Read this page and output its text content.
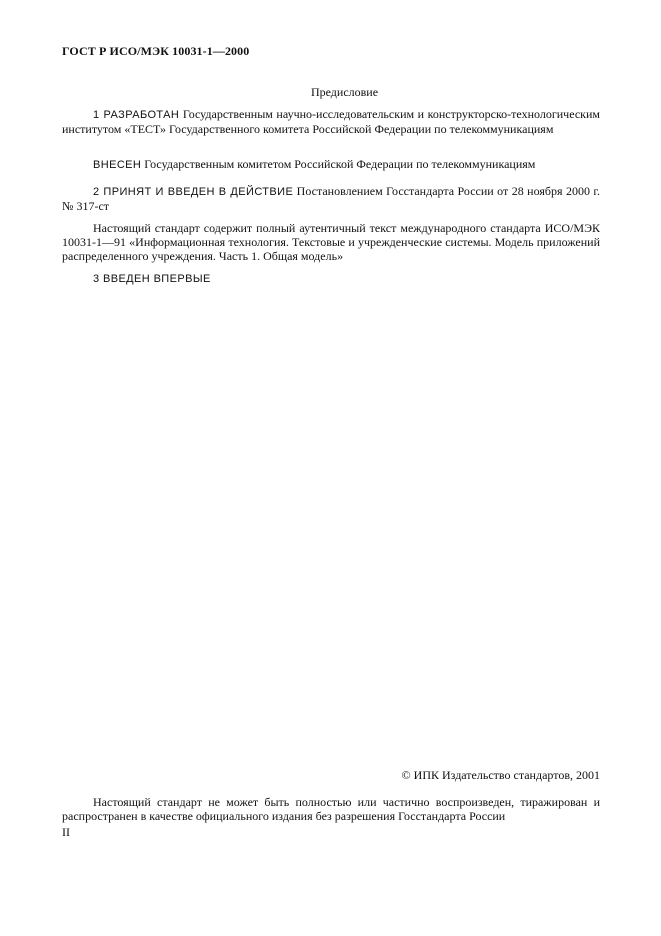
ГОСТ Р ИСО/МЭК 10031-1—2000
Предисловие
1 РАЗРАБОТАН Государственным научно-исследовательским и конструкторско-технологическим институтом «ТЕСТ» Государственного комитета Российской Федерации по телекоммуникациям
ВНЕСЕН Государственным комитетом Российской Федерации по телекоммуникациям
2 ПРИНЯТ И ВВЕДЕН В ДЕЙСТВИЕ Постановлением Госстандарта России от 28 ноября 2000 г. № 317-ст
Настоящий стандарт содержит полный аутентичный текст международного стандарта ИСО/МЭК 10031-1—91 «Информационная технология. Текстовые и учрежденческие системы. Модель приложений распределенного учреждения. Часть 1. Общая модель»
3 ВВЕДЕН ВПЕРВЫЕ
© ИПК Издательство стандартов, 2001
Настоящий стандарт не может быть полностью или частично воспроизведен, тиражирован и распространен в качестве официального издания без разрешения Госстандарта России
II
